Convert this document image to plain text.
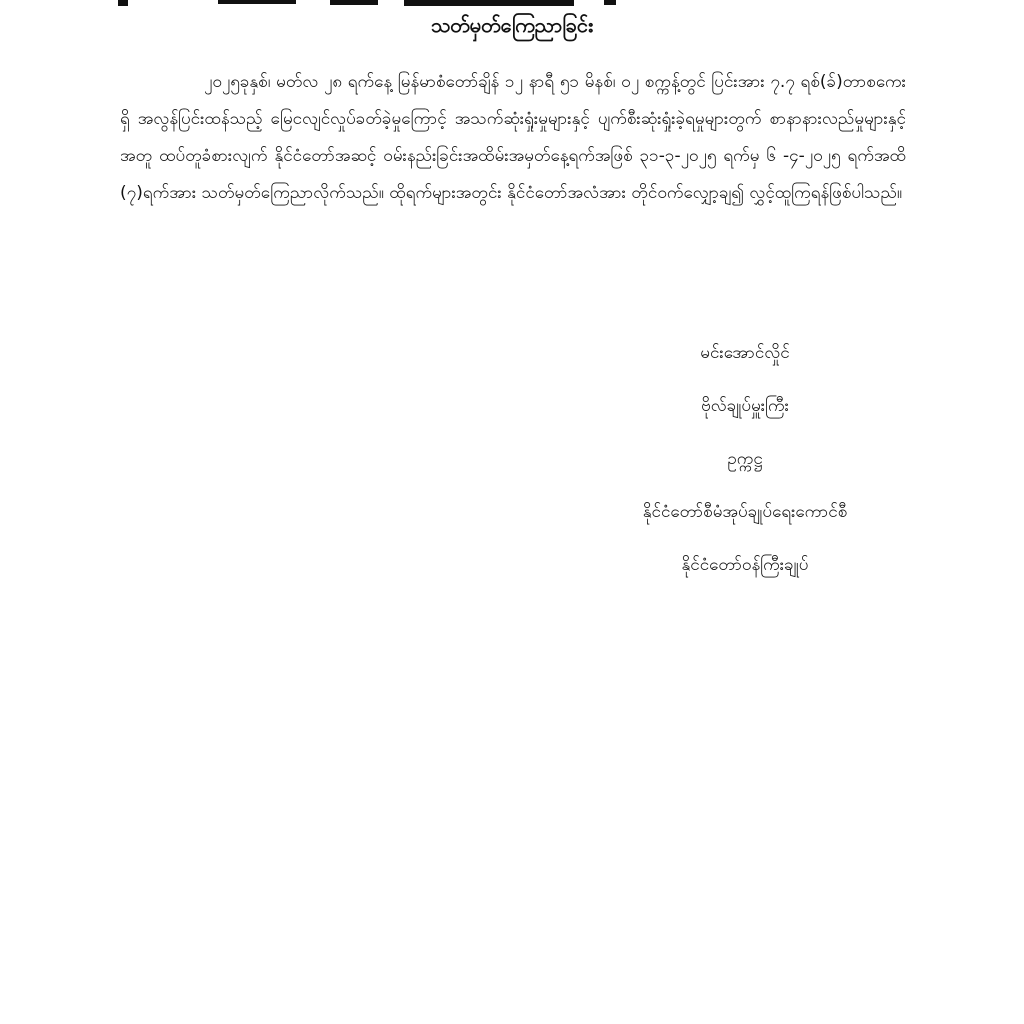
သတ်မှတ်ကြေညာခြင်း

၂၀၂၅ခုနှစ်၊ မတ်လ ၂၈ ရက်နေ့ မြန်မာစံတော်ချိန် ၁၂ နာရီ ၅၁ မိနစ်၊ ၀၂ စက္ကန့်တွင် ပြင်းအား ၇.၇ ရစ်(ခ်)တာစကေးရှိ အလွန်ပြင်းထန်သည့် မြေငလျင်လှုပ်ခတ်ခဲ့မှုကြောင့် အသက်ဆုံးရှုံးမှုများနှင့် ပျက်စီးဆုံးရှုံးခဲ့ရမှုများတွက် စာနာနားလည်မှုများနှင့်အတူ ထပ်တူခံစားလျက် နိုင်ငံတော်အဆင့် ဝမ်းနည်းခြင်းအထိမ်းအမှတ်နေ့ရက်အဖြစ် ၃၁-၃-၂၀၂၅ ရက်မှ ၆ -၄-၂၀၂၅ ရက်အထိ (၇)ရက်အား သတ်မှတ်ကြေညာလိုက်သည်။ ထိုရက်များအတွင်း နိုင်ငံတော်အလံအား တိုင်ဝက်လျှော့ချ၍ လွှင့်ထူကြရန်ဖြစ်ပါသည်။

မင်းအောင်လှိုင်
ဗိုလ်ချုပ်မှူးကြီး
ဥက္ကဋ္ဌ
နိုင်ငံတော်စီမံအုပ်ချုပ်ရေးကောင်စီ
နိုင်ငံတော်ဝန်ကြီးချုပ်
